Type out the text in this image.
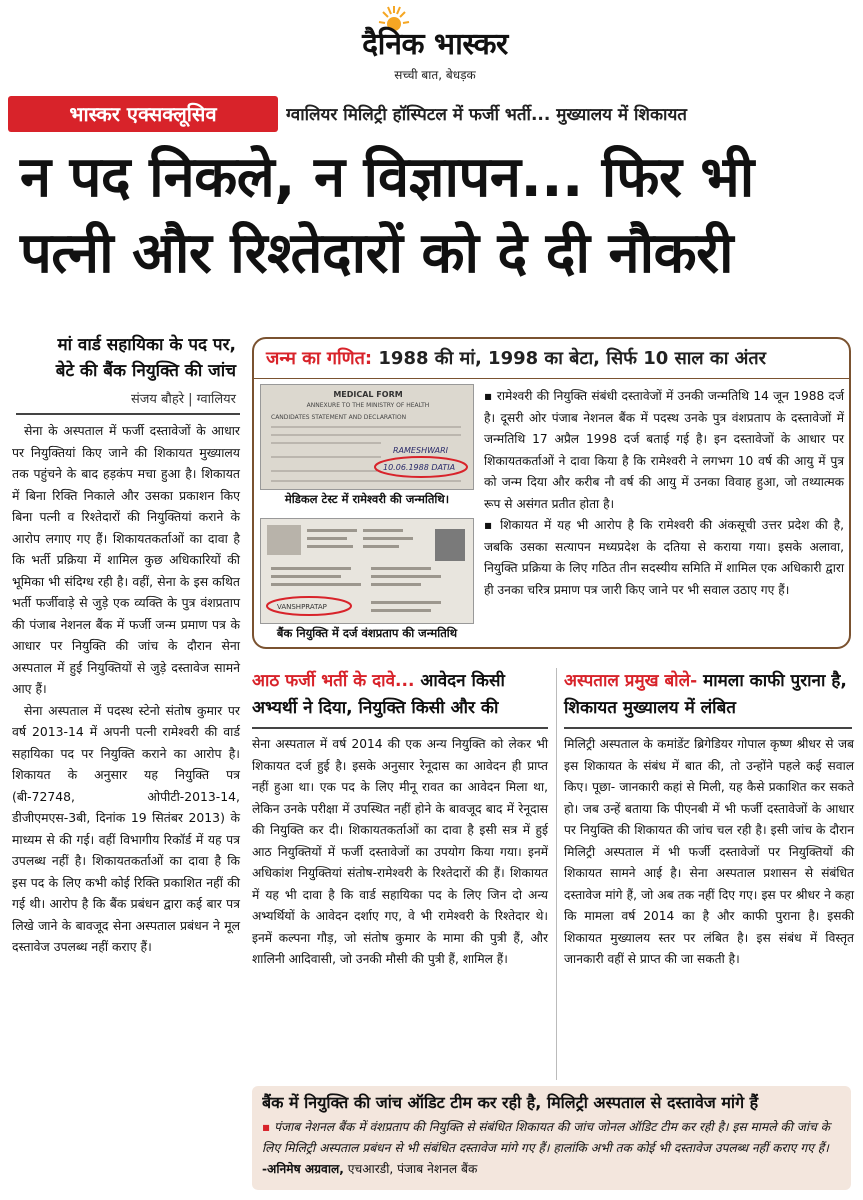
दैनिक भास्कर
सच्ची बात, बेधड़क
भास्कर एक्सक्लूसिव	ग्वालियर मिलिट्री हॉस्पिटल में फर्जी भर्ती... मुख्यालय में शिकायत
न पद निकले, न विज्ञापन... फिर भी
पत्नी और रिश्तेदारों को दे दी नौकरी
मां वार्ड सहायिका के पद पर,
बेटे की बैंक नियुक्ति की जांच
संजय बौहरे | ग्वालियर

सेना के अस्पताल में फर्जी दस्तावेजों के आधार पर नियुक्तियां किए जाने की शिकायत मुख्यालय तक पहुंचने के बाद हड़कंप मचा हुआ है। शिकायत में बिना रिक्ति निकाले और उसका प्रकाशन किए बिना पत्नी व रिश्तेदारों की नियुक्तियां कराने के आरोप लगाए गए हैं। शिकायतकर्ताओं का दावा है कि भर्ती प्रक्रिया में शामिल कुछ अधिकारियों की भूमिका भी संदिग्ध रही है। वहीं, सेना के इस कथित भर्ती फर्जीवाड़े से जुड़े एक व्यक्ति के पुत्र वंशप्रताप की पंजाब नेशनल बैंक में फर्जी जन्म प्रमाण पत्र के आधार पर नियुक्ति की जांच के दौरान सेना अस्पताल में हुई नियुक्तियों से जुड़े दस्तावेज सामने आए हैं।

सेना अस्पताल में पदस्थ स्टेनो संतोष कुमार पर वर्ष 2013-14 में अपनी पत्नी रामेश्वरी की वार्ड सहायिका पद पर नियुक्ति कराने का आरोप है। शिकायत के अनुसार यह नियुक्ति पत्र (बी-72748, ओपीटी-2013-14, डीजीएमएस-3बी, दिनांक 19 सितंबर 2013) के माध्यम से की गई। वहीं विभागीय रिकॉर्ड में यह पत्र उपलब्ध नहीं है। शिकायतकर्ताओं का दावा है कि इस पद के लिए कभी कोई रिक्ति प्रकाशित नहीं की गई थी। आरोप है कि बैंक प्रबंधन द्वारा कई बार पत्र लिखे जाने के बावजूद सेना अस्पताल प्रबंधन ने मूल दस्तावेज उपलब्ध नहीं कराए हैं।

जन्म का गणित: 1988 की मां, 1998 का बेटा, सिर्फ 10 साल का अंतर
MEDICAL FORM
ANNEXURE TO THE MINISTRY OF HEALTH
CANDIDATES STATEMENT AND DECLARATION
RAMESHWARI
10.06.1988 DATIA
मेडिकल टेस्ट में रामेश्वरी की जन्मतिथि।
VANSHPRATAP
बैंक नियुक्ति में दर्ज वंशप्रताप की जन्मतिथि

▪ रामेश्वरी की नियुक्ति संबंधी दस्तावेजों में उनकी जन्मतिथि 14 जून 1988 दर्ज है। दूसरी ओर पंजाब नेशनल बैंक में पदस्थ उनके पुत्र वंशप्रताप के दस्तावेजों में जन्मतिथि 17 अप्रैल 1998 दर्ज बताई गई है। इन दस्तावेजों के आधार पर शिकायतकर्ताओं ने दावा किया है कि रामेश्वरी ने लगभग 10 वर्ष की आयु में पुत्र को जन्म दिया और करीब नौ वर्ष की आयु में उनका विवाह हुआ, जो तथ्यात्मक रूप से असंगत प्रतीत होता है।

▪ शिकायत में यह भी आरोप है कि रामेश्वरी की अंकसूची उत्तर प्रदेश की है, जबकि उसका सत्यापन मध्यप्रदेश के दतिया से कराया गया। इसके अलावा, नियुक्ति प्रक्रिया के लिए गठित तीन सदस्यीय समिति में शामिल एक अधिकारी द्वारा ही उनका चरित्र प्रमाण पत्र जारी किए जाने पर भी सवाल उठाए गए हैं।

आठ फर्जी भर्ती के दावे... आवेदन किसी अभ्यर्थी ने दिया, नियुक्ति किसी और की

सेना अस्पताल में वर्ष 2014 की एक अन्य नियुक्ति को लेकर भी शिकायत दर्ज हुई है। इसके अनुसार रेनूदास का आवेदन ही प्राप्त नहीं हुआ था। एक पद के लिए मीनू रावत का आवेदन मिला था, लेकिन उनके परीक्षा में उपस्थित नहीं होने के बावजूद बाद में रेनूदास की नियुक्ति कर दी। शिकायतकर्ताओं का दावा है इसी सत्र में हुई आठ नियुक्तियों में फर्जी दस्तावेजों का उपयोग किया गया। इनमें अधिकांश नियुक्तियां संतोष-रामेश्वरी के रिश्तेदारों की हैं। शिकायत में यह भी दावा है कि वार्ड सहायिका पद के लिए जिन दो अन्य अभ्यर्थियों के आवेदन दर्शाए गए, वे भी रामेश्वरी के रिश्तेदार थे। इनमें कल्पना गौड़, जो संतोष कुमार के मामा की पुत्री हैं, और शालिनी आदिवासी, जो उनकी मौसी की पुत्री हैं, शामिल हैं।

अस्पताल प्रमुख बोले- मामला काफी पुराना है, शिकायत मुख्यालय में लंबित

मिलिट्री अस्पताल के कमांडेंट ब्रिगेडियर गोपाल कृष्ण श्रीधर से जब इस शिकायत के संबंध में बात की, तो उन्होंने पहले कई सवाल किए। पूछा- जानकारी कहां से मिली, यह कैसे प्रकाशित कर सकते हो। जब उन्हें बताया कि पीएनबी में भी फर्जी दस्तावेजों के आधार पर नियुक्ति की शिकायत की जांच चल रही है। इसी जांच के दौरान मिलिट्री अस्पताल में भी फर्जी दस्तावेजों पर नियुक्तियों की शिकायत सामने आई है। सेना अस्पताल प्रशासन से संबंधित दस्तावेज मांगे हैं, जो अब तक नहीं दिए गए। इस पर श्रीधर ने कहा कि मामला वर्ष 2014 का है और काफी पुराना है। इसकी शिकायत मुख्यालय स्तर पर लंबित है। इस संबंध में विस्तृत जानकारी वहीं से प्राप्त की जा सकती है।

बैंक में नियुक्ति की जांच ऑडिट टीम कर रही है, मिलिट्री अस्पताल से दस्तावेज मांगे हैं
▪ पंजाब नेशनल बैंक में वंशप्रताप की नियुक्ति से संबंधित शिकायत की जांच जोनल ऑडिट टीम कर रही है। इस मामले की जांच के लिए मिलिट्री अस्पताल प्रबंधन से भी संबंधित दस्तावेज मांगे गए हैं। हालांकि अभी तक कोई भी दस्तावेज उपलब्ध नहीं कराए गए हैं। -अनिमेष अग्रवाल, एचआरडी, पंजाब नेशनल बैंक
